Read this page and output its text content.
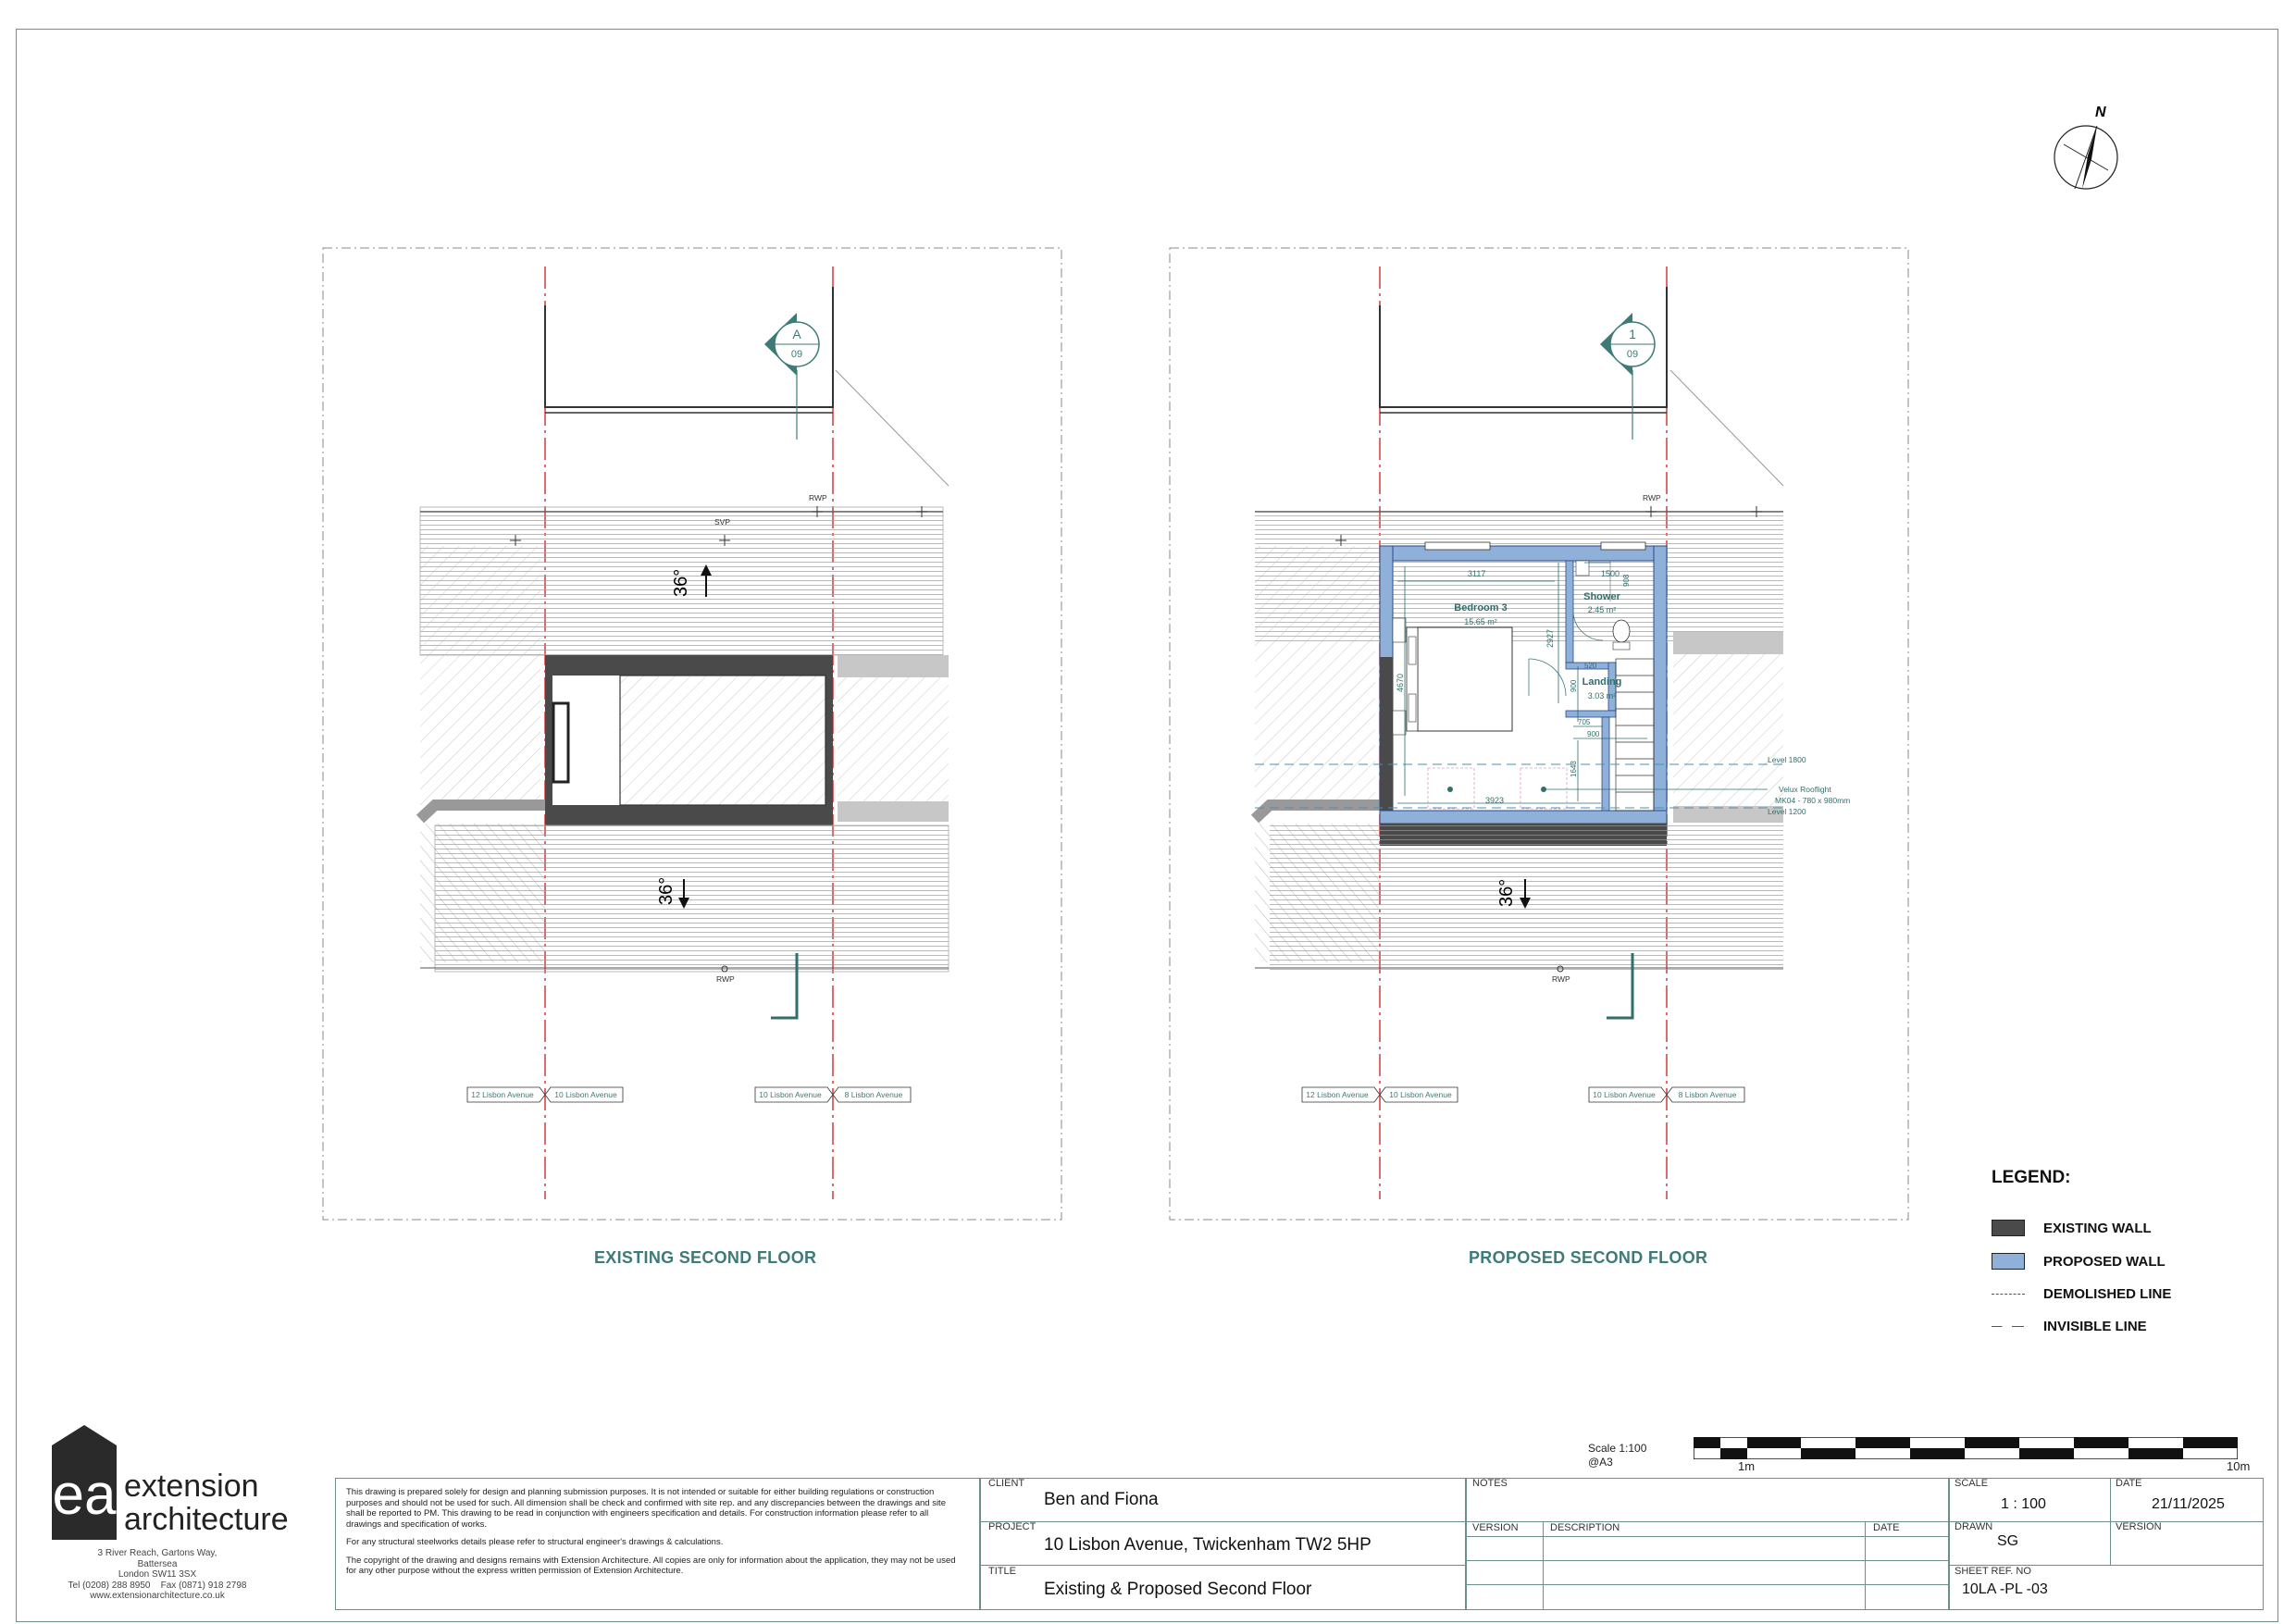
N
36°
36°
RWP
SVP
RWP
A
09
12 Lisbon Avenue	10 Lisbon Avenue	10 Lisbon Avenue	8 Lisbon Avenue
3117	1500
908
2927
4670
520
900
705
900
1643
3923
Bedroom 3
15.65 m²
Shower
2.45 m²
Landing
3.03 m²
Level 1800
Velux Rooflight
MK04 - 780 x 980mm
Level 1200
36°
RWP
RWP
1
09
12 Lisbon Avenue	10 Lisbon Avenue	10 Lisbon Avenue	8 Lisbon Avenue
EXISTING SECOND FLOOR	PROPOSED SECOND FLOOR
LEGEND:
EXISTING WALL
PROPOSED WALL
DEMOLISHED LINE
INVISIBLE LINE
Scale 1:100
@A3	1m	10m
ea extension
architecture
3 River Reach, Gartons Way,
Battersea
London SW11 3SX
Tel (0208) 288 8950 Fax (0871) 918 2798
www.extensionarchitecture.co.uk

This drawing is prepared solely for design and planning submission purposes. It is not intended or suitable for either building regulations or construction purposes and should not be used for such. All dimension shall be check and confirmed with site rep. and any discrepancies between the drawings and site shall be reported to PM. This drawing to be read in conjunction with engineers specification and details. For construction information please refer to all drawings and specification of works.

For any structural steelworks details please refer to structural engineer's drawings & calculations.

The copyright of the drawing and designs remains with Extension Architecture. All copies are only for information about the application, they may not be used for any other purpose without the express written permission of Extension Architecture.

CLIENT
Ben and Fiona
PROJECT
10 Lisbon Avenue, Twickenham TW2 5HP
TITLE
Existing & Proposed Second Floor
NOTES
VERSION	DESCRIPTION	DATE
SCALE
1 : 100
DATE
21/11/2025
DRAWN
SG
VERSION
SHEET REF. NO
10LA -PL -03
